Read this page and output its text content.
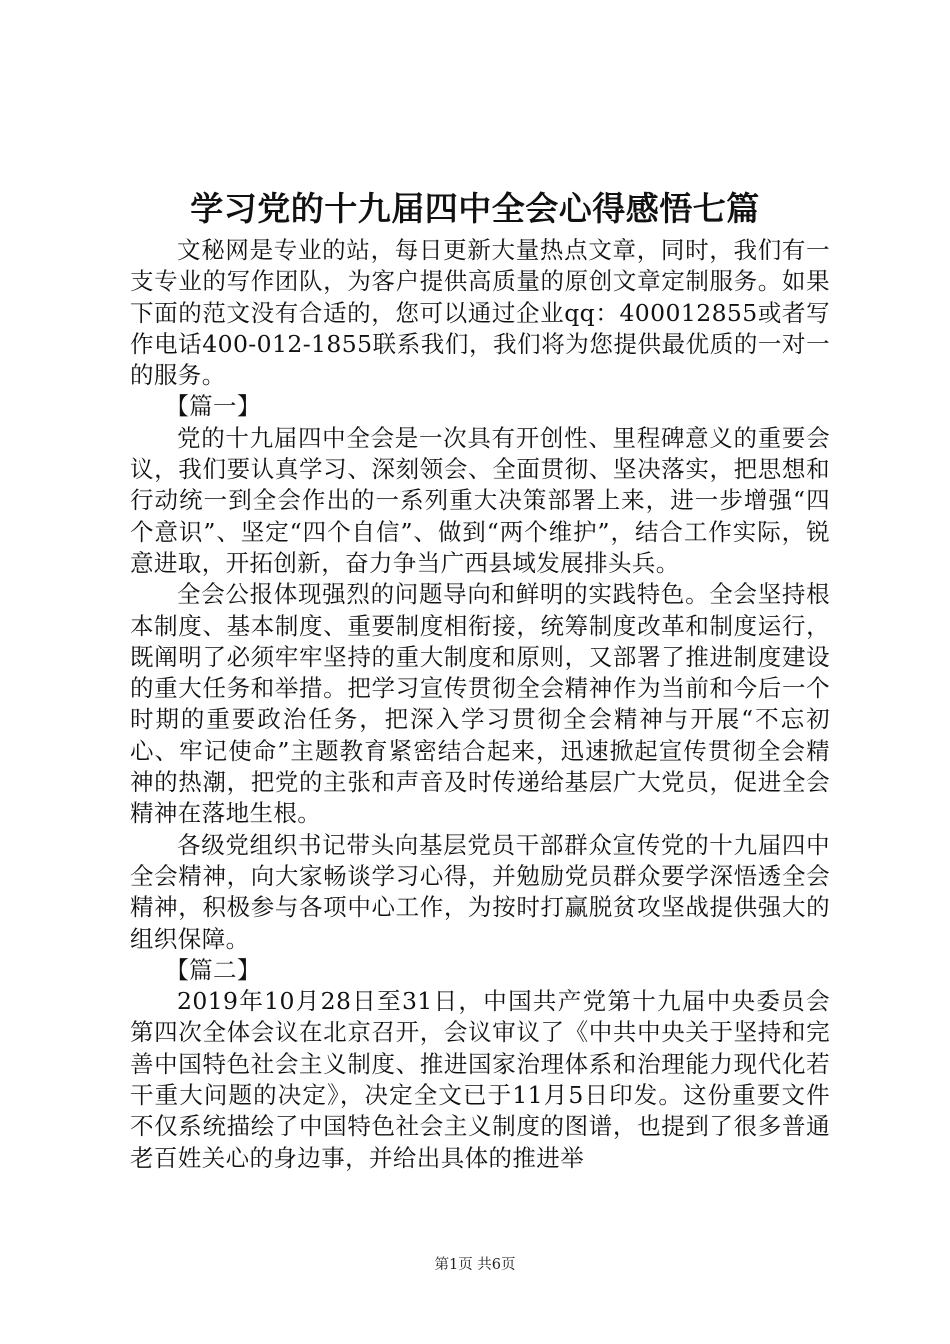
学习党的十九届四中全会心得感悟七篇

文秘网是专业的站，每日更新大量热点文章，同时，我们有一支专业的写作团队，为客户提供高质量的原创文章定制服务。如果下面的范文没有合适的，您可以通过企业qq：400012855或者写作电话400-012-1855联系我们，我们将为您提供最优质的一对一的服务。

【篇一】

党的十九届四中全会是一次具有开创性、里程碑意义的重要会议，我们要认真学习、深刻领会、全面贯彻、坚决落实，把思想和行动统一到全会作出的一系列重大决策部署上来，进一步增强“四个意识”、坚定“四个自信”、做到“两个维护”，结合工作实际，锐意进取，开拓创新，奋力争当广西县域发展排头兵。

全会公报体现强烈的问题导向和鲜明的实践特色。全会坚持根本制度、基本制度、重要制度相衔接，统筹制度改革和制度运行，既阐明了必须牢牢坚持的重大制度和原则，又部署了推进制度建设的重大任务和举措。把学习宣传贯彻全会精神作为当前和今后一个时期的重要政治任务，把深入学习贯彻全会精神与开展“不忘初心、牢记使命”主题教育紧密结合起来，迅速掀起宣传贯彻全会精神的热潮，把党的主张和声音及时传递给基层广大党员，促进全会精神在落地生根。

各级党组织书记带头向基层党员干部群众宣传党的十九届四中全会精神，向大家畅谈学习心得，并勉励党员群众要学深悟透全会精神，积极参与各项中心工作，为按时打赢脱贫攻坚战提供强大的组织保障。

【篇二】

2019年10月28日至31日，中国共产党第十九届中央委员会第四次全体会议在北京召开，会议审议了《中共中央关于坚持和完善中国特色社会主义制度、推进国家治理体系和治理能力现代化若干重大问题的决定》，决定全文已于11月5日印发。这份重要文件不仅系统描绘了中国特色社会主义制度的图谱，也提到了很多普通老百姓关心的身边事，并给出具体的推进举

第1页 共6页
